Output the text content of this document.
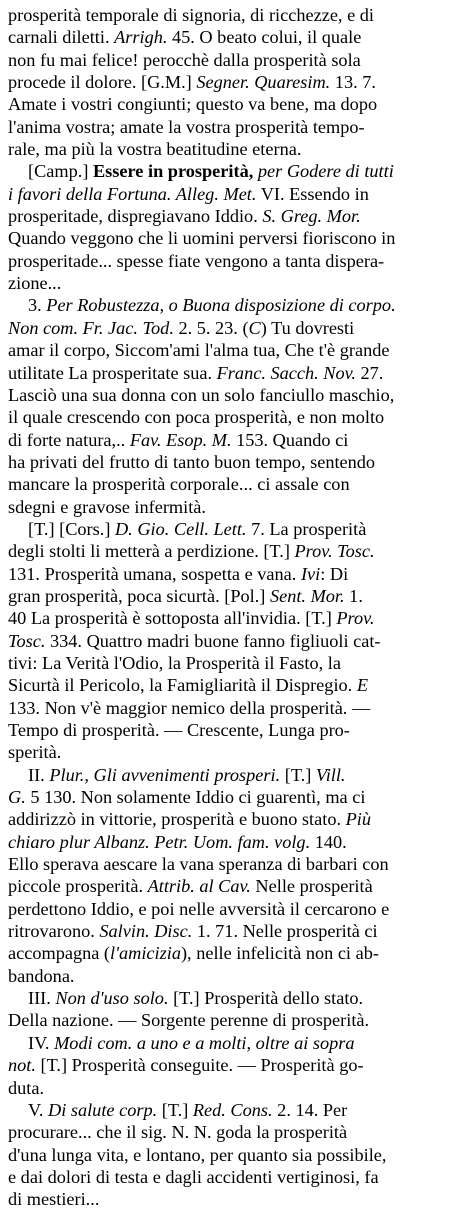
prosperità temporale di signoria, di ricchezze, e di
carnali diletti. Arrigh. 45. O beato colui, il quale
non fu mai felice! perocchè dalla prosperità sola
procede il dolore. [G.M.] Segner. Quaresim. 13. 7.
Amate i vostri congiunti; questo va bene, ma dopo
l'anima vostra; amate la vostra prosperità tempo-
rale, ma più la vostra beatitudine eterna.
[Camp.] Essere in prosperità, per Godere di tutti
i favori della Fortuna. Alleg. Met. VI. Essendo in
prosperitade, dispregiavano Iddio. S. Greg. Mor.
Quando veggono che li uomini perversi fioriscono in
prosperitade... spesse fiate vengono a tanta dispera-
zione...
3. Per Robustezza, o Buona disposizione di corpo.
Non com. Fr. Jac. Tod. 2. 5. 23. (C) Tu dovresti
amar il corpo, Siccom'ami l'alma tua, Che t'è grande
utilitate La prosperitate sua. Franc. Sacch. Nov. 27.
Lasciò una sua donna con un solo fanciullo maschio,
il quale crescendo con poca prosperità, e non molto
di forte natura,.. Fav. Esop. M. 153. Quando ci
ha privati del frutto di tanto buon tempo, sentendo
mancare la prosperità corporale... ci assale con
sdegni e gravose infermità.
[T.] [Cors.] D. Gio. Cell. Lett. 7. La prosperità
degli stolti li metterà a perdizione. [T.] Prov. Tosc.
131. Prosperità umana, sospetta e vana. Ivi: Di
gran prosperità, poca sicurtà. [Pol.] Sent. Mor. 1.
40 La prosperità è sottoposta all'invidia. [T.] Prov.
Tosc. 334. Quattro madri buone fanno figliuoli cat-
tivi: La Verità l'Odio, la Prosperità il Fasto, la
Sicurtà il Pericolo, la Famigliarità il Dispregio. E
133. Non v'è maggior nemico della prosperità. —
Tempo di prosperità. — Crescente, Lunga pro-
sperità.
II. Plur., Gli avvenimenti prosperi. [T.] Vill.
G. 5 130. Non solamente Iddio ci guarentì, ma ci
addirizzò in vittorie, prosperità e buono stato. Più
chiaro plur Albanz. Petr. Uom. fam. volg. 140.
Ello sperava aescare la vana speranza di barbari con
piccole prosperità. Attrib. al Cav. Nelle prosperità
perdettono Iddio, e poi nelle avversità il cercarono e
ritrovarono. Salvin. Disc. 1. 71. Nelle prosperità ci
accompagna (l'amicizia), nelle infelicità non ci ab-
bandona.
III. Non d'uso solo. [T.] Prosperità dello stato.
Della nazione. — Sorgente perenne di prosperità.
IV. Modi com. a uno e a molti, oltre ai sopra
not. [T.] Prosperità conseguite. — Prosperità go-
duta.
V. Di salute corp. [T.] Red. Cons. 2. 14. Per
procurare... che il sig. N. N. goda la prosperità
d'una lunga vita, e lontano, per quanto sia possibile,
e dai dolori di testa e dagli accidenti vertiginosi, fa
di mestieri...
